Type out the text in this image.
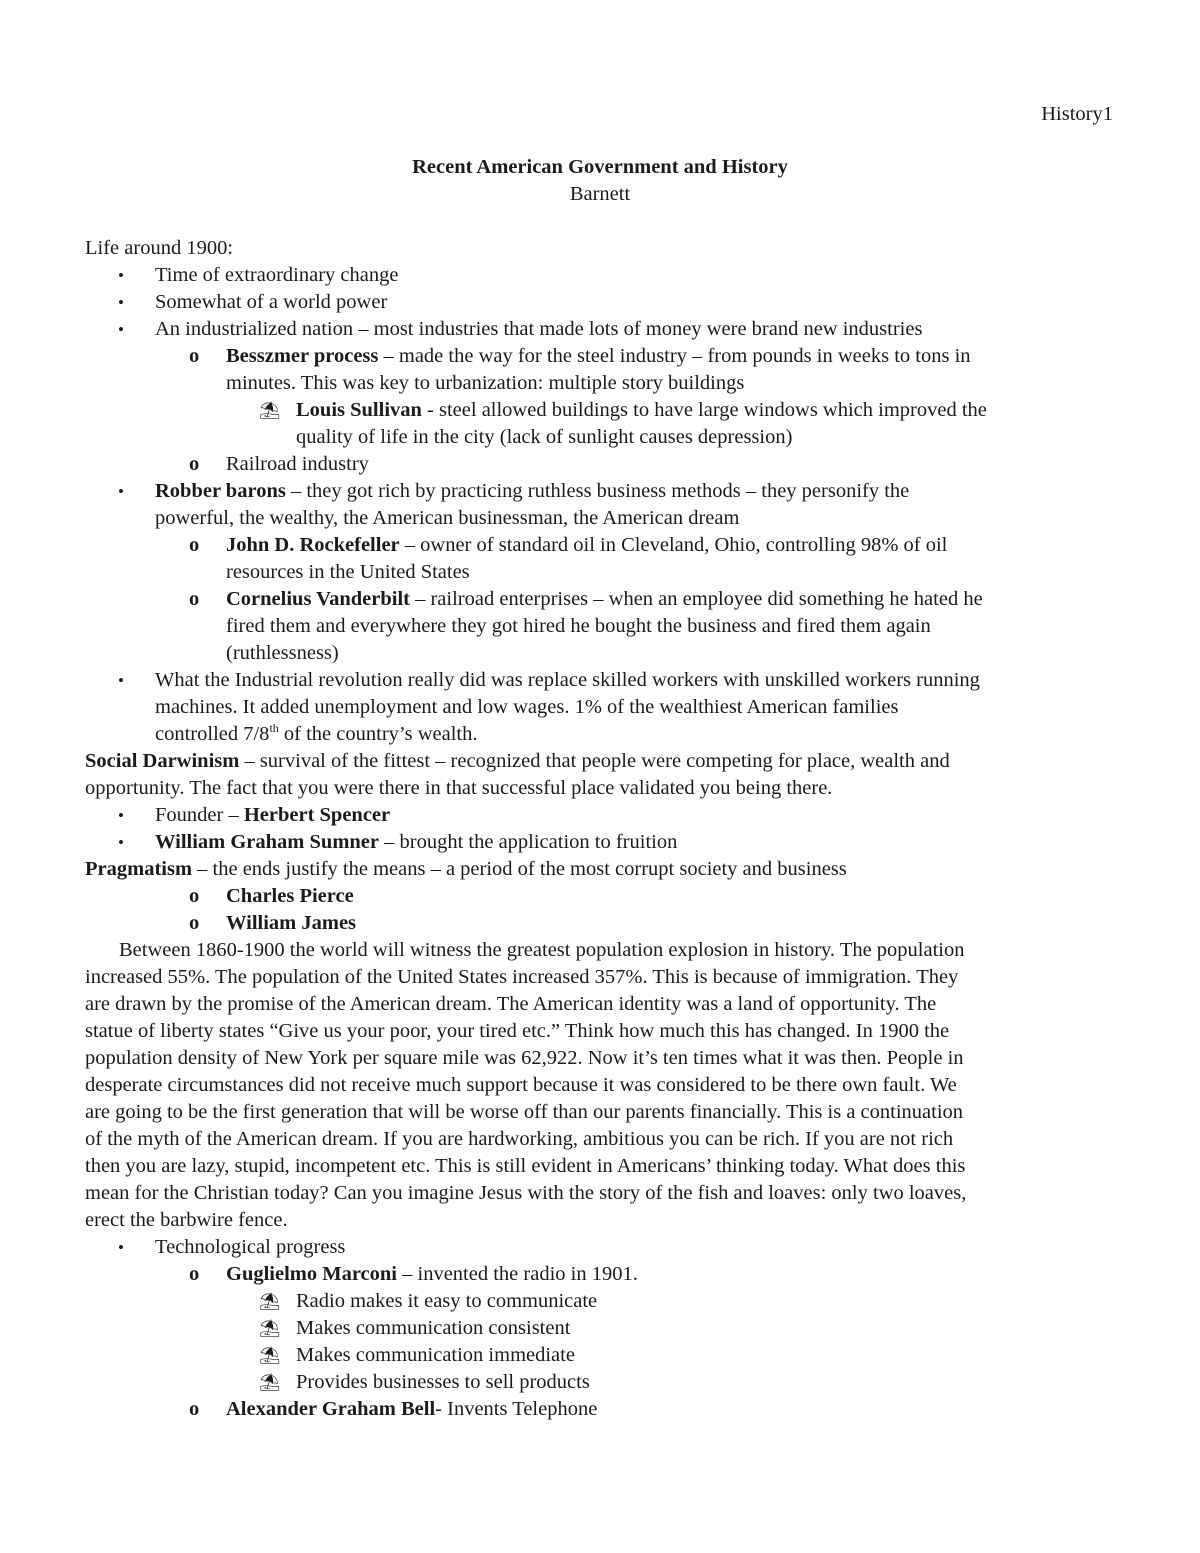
History1
Recent American Government and History
Barnett
Life around 1900:
• Time of extraordinary change
• Somewhat of a world power
• An industrialized nation – most industries that made lots of money were brand new industries
o Besszmer process – made the way for the steel industry – from pounds in weeks to tons in
minutes. This was key to urbanization: multiple story buildings
⛱ Louis Sullivan - steel allowed buildings to have large windows which improved the
quality of life in the city (lack of sunlight causes depression)
o Railroad industry
• Robber barons – they got rich by practicing ruthless business methods – they personify the
powerful, the wealthy, the American businessman, the American dream
o John D. Rockefeller – owner of standard oil in Cleveland, Ohio, controlling 98% of oil
resources in the United States
o Cornelius Vanderbilt – railroad enterprises – when an employee did something he hated he
fired them and everywhere they got hired he bought the business and fired them again
(ruthlessness)
• What the Industrial revolution really did was replace skilled workers with unskilled workers running
machines. It added unemployment and low wages. 1% of the wealthiest American families
controlled 7/8th of the country’s wealth.
Social Darwinism – survival of the fittest – recognized that people were competing for place, wealth and
opportunity. The fact that you were there in that successful place validated you being there.
• Founder – Herbert Spencer
• William Graham Sumner – brought the application to fruition
Pragmatism – the ends justify the means – a period of the most corrupt society and business
o Charles Pierce
o William James
Between 1860-1900 the world will witness the greatest population explosion in history. The population
increased 55%. The population of the United States increased 357%. This is because of immigration. They
are drawn by the promise of the American dream. The American identity was a land of opportunity. The
statue of liberty states “Give us your poor, your tired etc.” Think how much this has changed. In 1900 the
population density of New York per square mile was 62,922. Now it’s ten times what it was then. People in
desperate circumstances did not receive much support because it was considered to be there own fault. We
are going to be the first generation that will be worse off than our parents financially. This is a continuation
of the myth of the American dream. If you are hardworking, ambitious you can be rich. If you are not rich
then you are lazy, stupid, incompetent etc. This is still evident in Americans’ thinking today. What does this
mean for the Christian today? Can you imagine Jesus with the story of the fish and loaves: only two loaves,
erect the barbwire fence.
• Technological progress
o Guglielmo Marconi – invented the radio in 1901.
⛱ Radio makes it easy to communicate
⛱ Makes communication consistent
⛱ Makes communication immediate
⛱ Provides businesses to sell products
o Alexander Graham Bell- Invents Telephone
